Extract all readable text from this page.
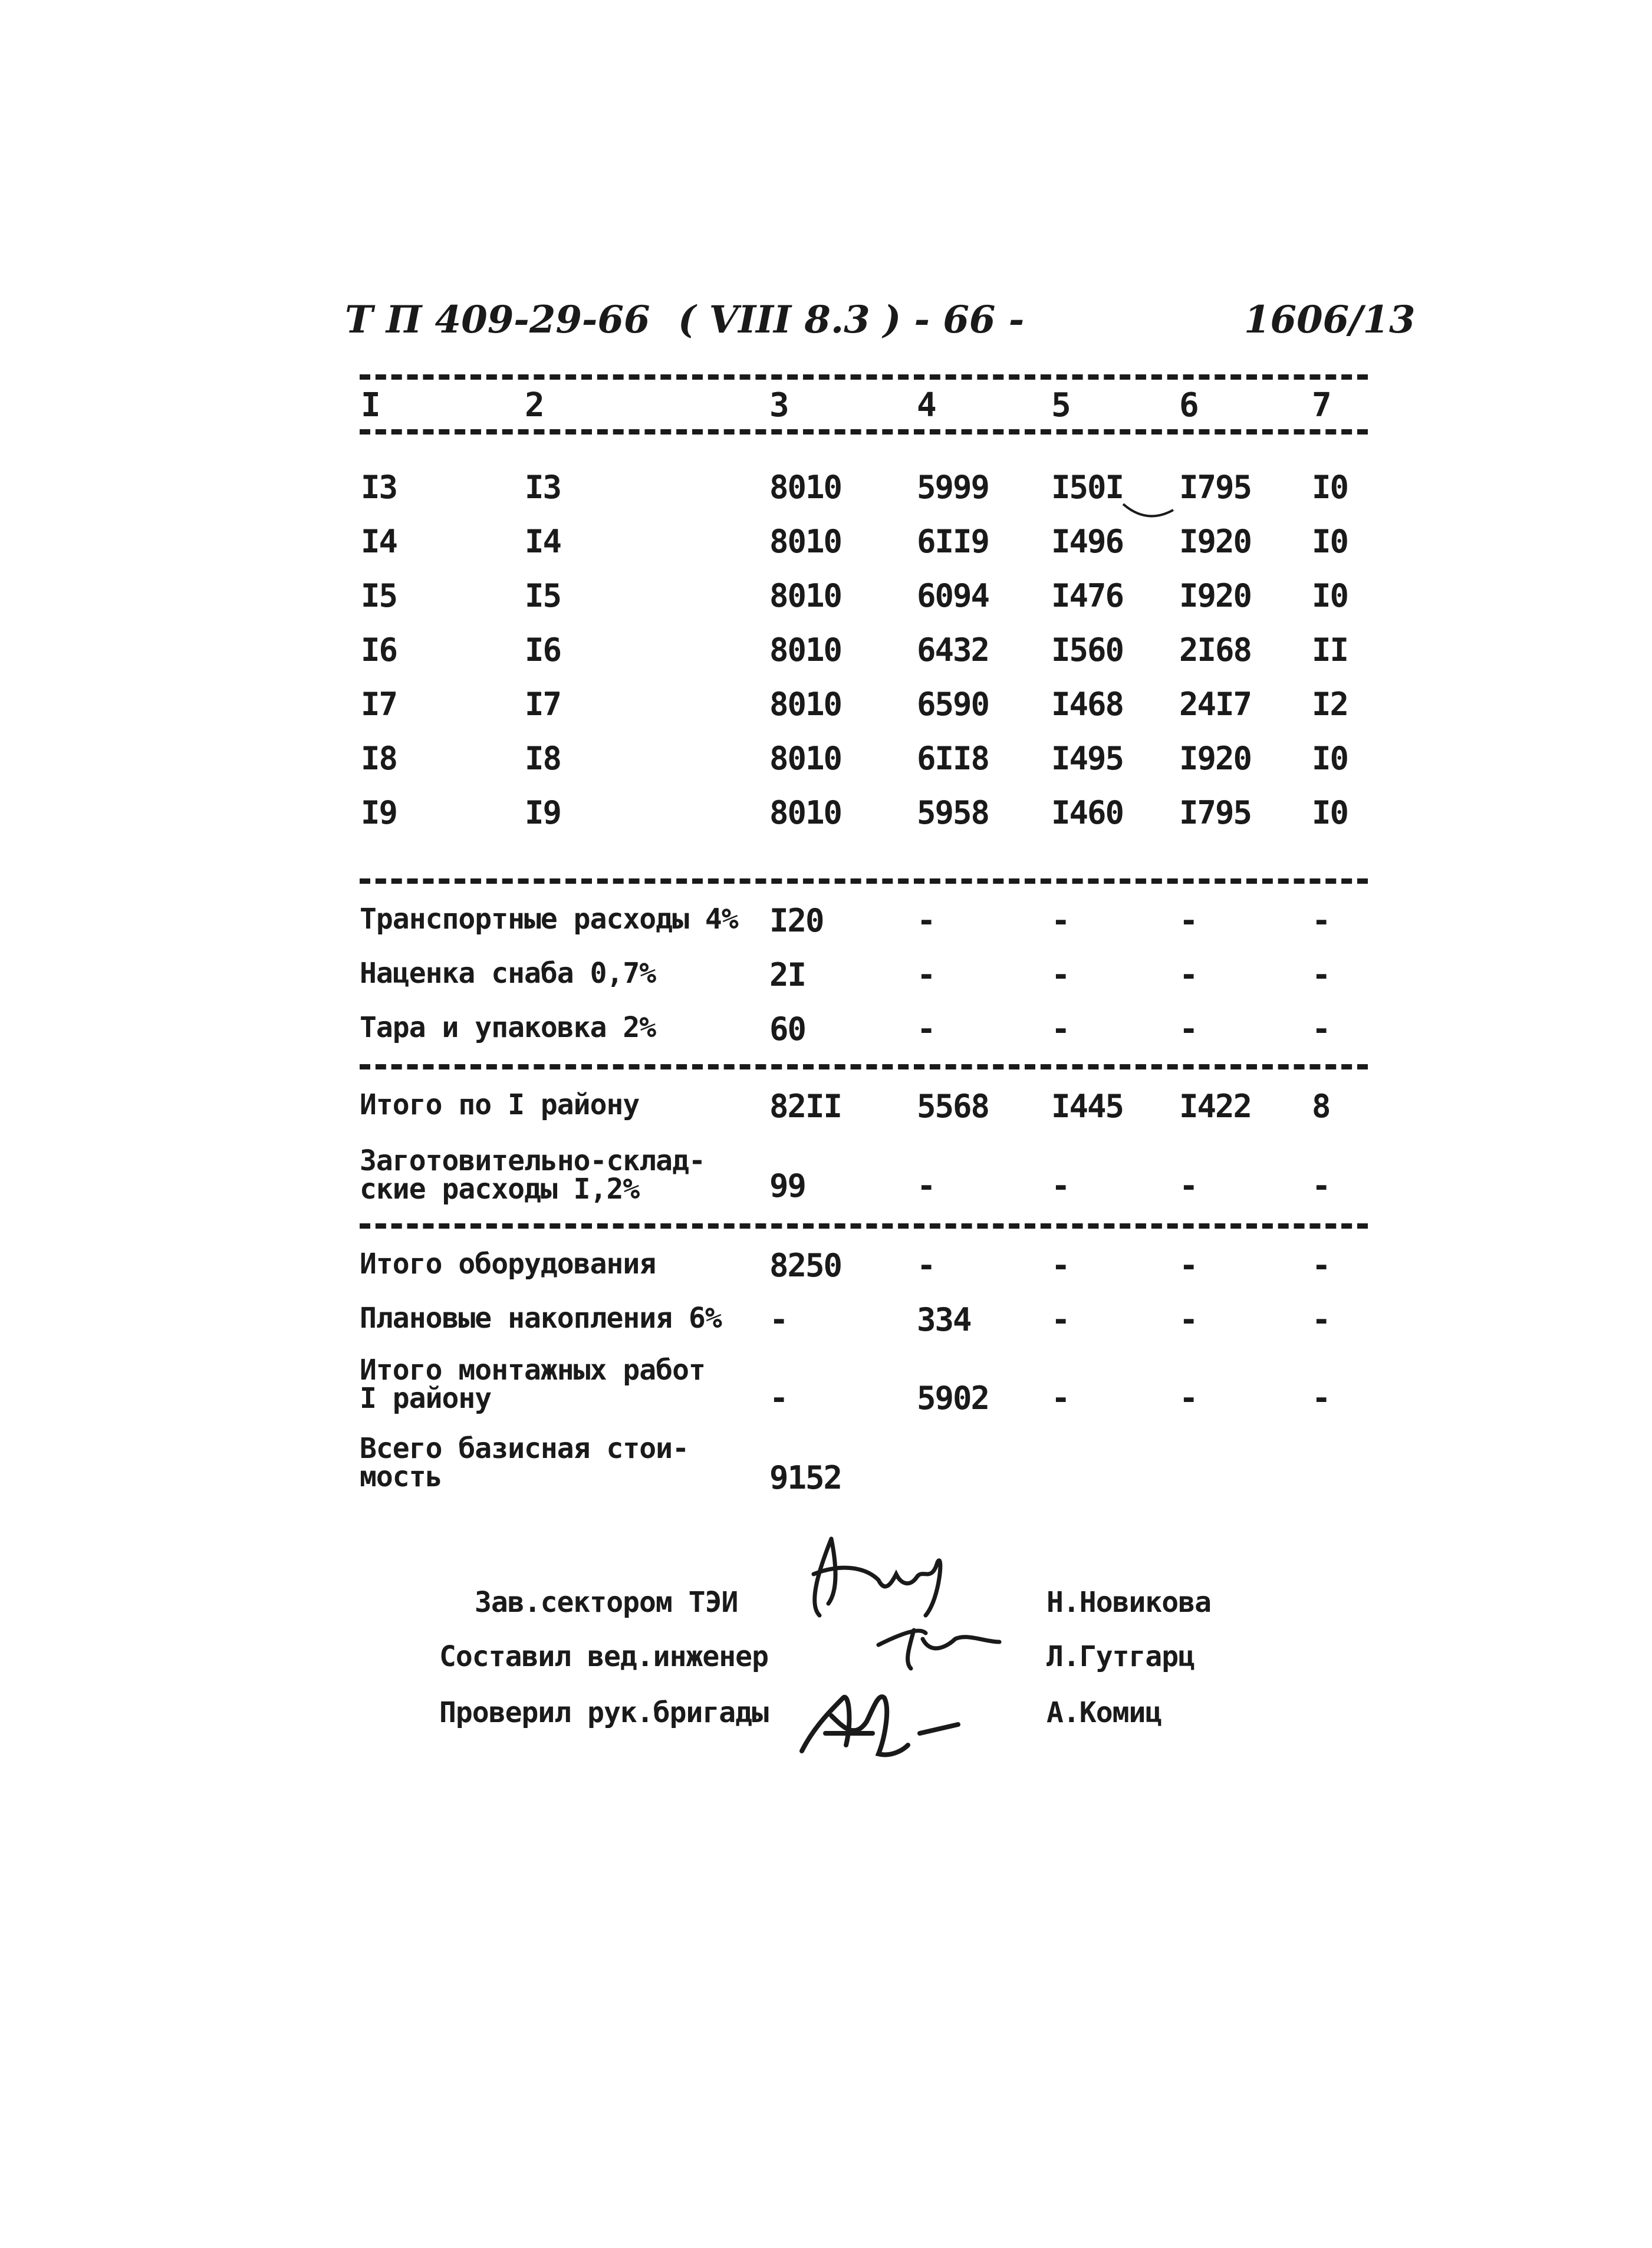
Т П 409-29-66 ( VIII 8.3 ) - 66 -	1606/13
I	2	3	4	5	6	7
I3	I3	8010 5999 I50I I795 I0
I4	I4	8010 6II9 I496 I920 I0
I5	I5	8010 6094 I476 I920 I0
I6	I6	8010 6432 I560 2I68 II
I7	I7	8010 6590 I468 24I7 I2
I8	I8	8010 6II8 I495 I920 I0
I9	I9	8010 5958 I460 I795 I0
Транспортные расходы 4% I20	-	-	-	-
Наценка снаба 0,7%	2I	-	-	-	-
Тара и упаковка 2%	60	-	-	-	-
Итого по I району	82II 5568 I445 I422 8
Заготовительно-склад-
ские расходы I,2%	99	-	-	-	-
Итого оборудования	8250 -	-	-	-
Плановые накопления 6% -	334	-	-	-
Итого монтажных работ
I району	-	5902 -	-	-
Всего базисная стои-
мость	9152
Зав.сектором ТЭИ	Н.Новикова
Составил вед.инженер	Л.Гутгарц
Проверил рук.бригады	А.Комиц
